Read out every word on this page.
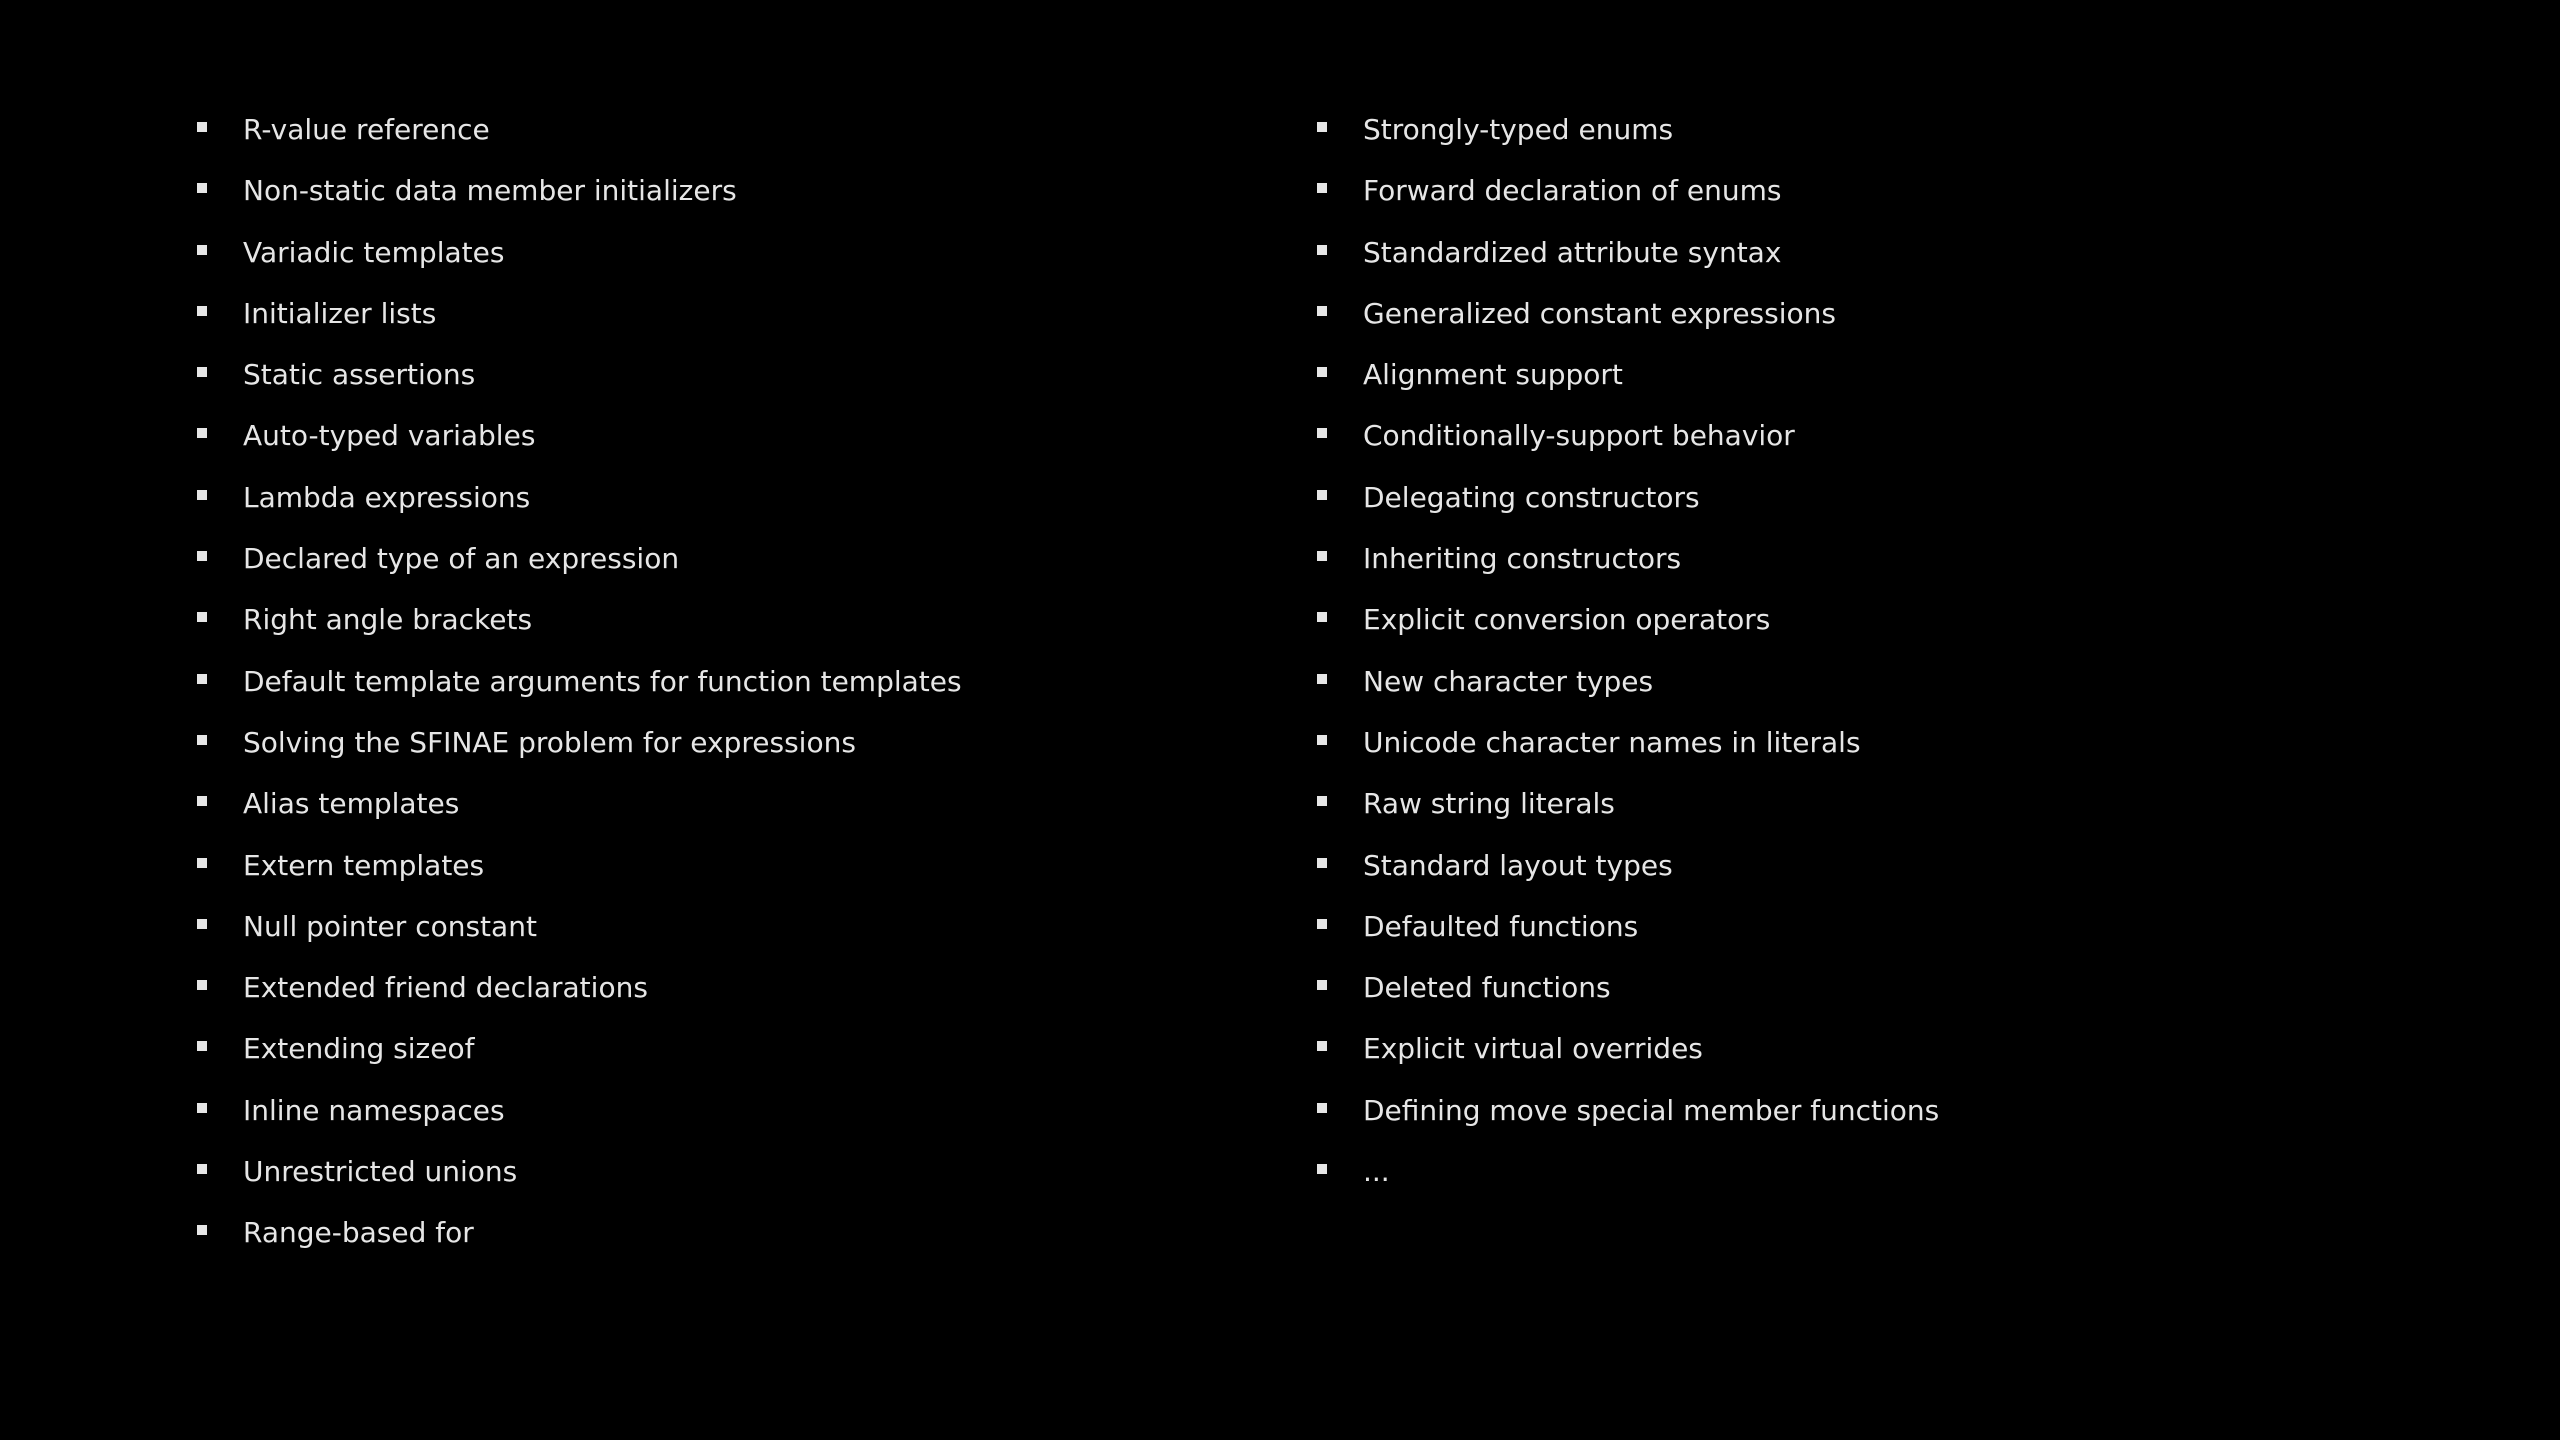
R-value reference
Non-static data member initializers
Variadic templates
Initializer lists
Static assertions
Auto-typed variables
Lambda expressions
Declared type of an expression
Right angle brackets
Default template arguments for function templates
Solving the SFINAE problem for expressions
Alias templates
Extern templates
Null pointer constant
Extended friend declarations
Extending sizeof
Inline namespaces
Unrestricted unions
Range-based for
Strongly-typed enums
Forward declaration of enums
Standardized attribute syntax
Generalized constant expressions
Alignment support
Conditionally-support behavior
Delegating constructors
Inheriting constructors
Explicit conversion operators
New character types
Unicode character names in literals
Raw string literals
Standard layout types
Defaulted functions
Deleted functions
Explicit virtual overrides
Defining move special member functions
...
